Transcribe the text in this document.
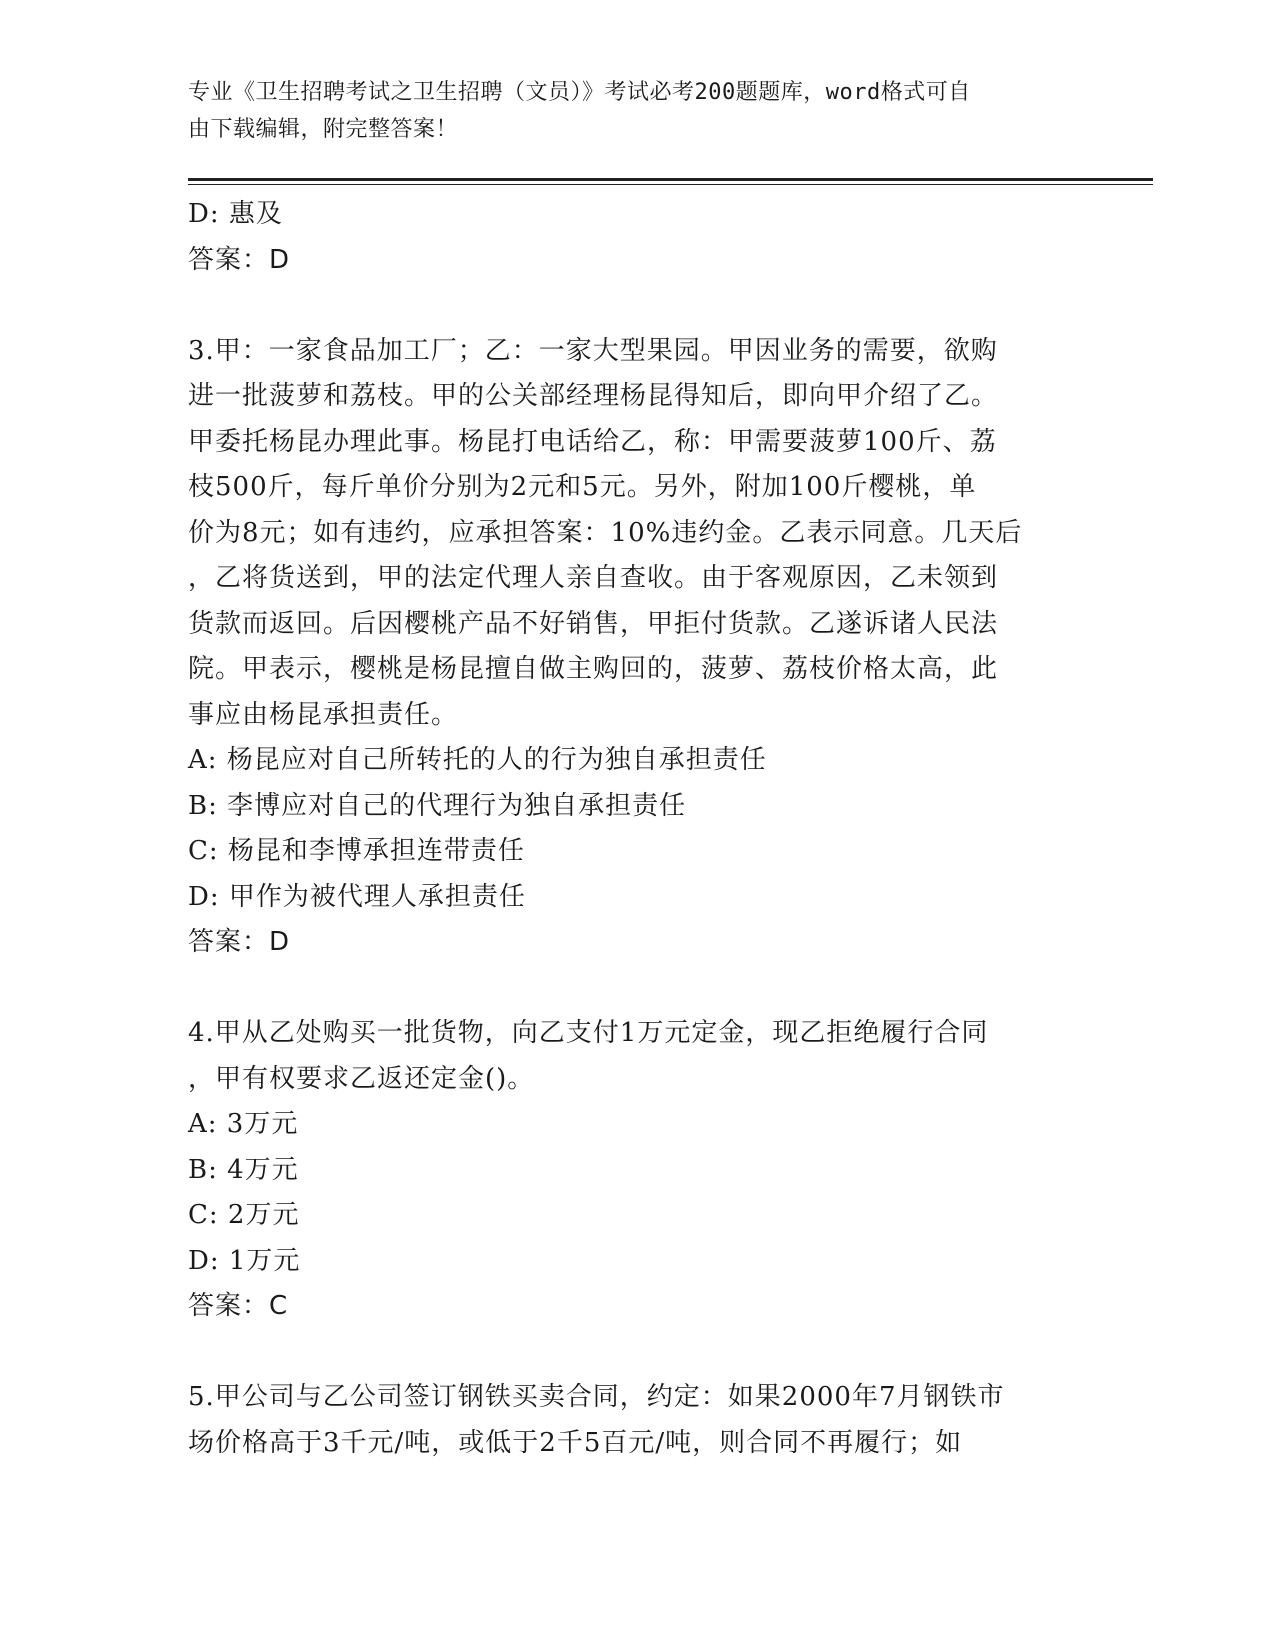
专业《卫生招聘考试之卫生招聘（文员）》考试必考200题题库，word格式可自
由下载编辑，附完整答案！
D: 惠及
答案：D
3.甲：一家食品加工厂；乙：一家大型果园。甲因业务的需要，欲购
进一批菠萝和荔枝。甲的公关部经理杨昆得知后，即向甲介绍了乙。
甲委托杨昆办理此事。杨昆打电话给乙，称：甲需要菠萝100斤、荔
枝500斤，每斤单价分别为2元和5元。另外，附加100斤樱桃，单
价为8元；如有违约，应承担答案：10%违约金。乙表示同意。几天后
，乙将货送到，甲的法定代理人亲自查收。由于客观原因，乙未领到
货款而返回。后因樱桃产品不好销售，甲拒付货款。乙遂诉诸人民法
院。甲表示，樱桃是杨昆擅自做主购回的，菠萝、荔枝价格太高，此
事应由杨昆承担责任。
A: 杨昆应对自己所转托的人的行为独自承担责任
B: 李博应对自己的代理行为独自承担责任
C: 杨昆和李博承担连带责任
D: 甲作为被代理人承担责任
答案：D
4.甲从乙处购买一批货物，向乙支付1万元定金，现乙拒绝履行合同
，甲有权要求乙返还定金()。
A: 3万元
B: 4万元
C: 2万元
D: 1万元
答案：C
5.甲公司与乙公司签订钢铁买卖合同，约定：如果2000年7月钢铁市
场价格高于3千元/吨，或低于2千5百元/吨，则合同不再履行；如
